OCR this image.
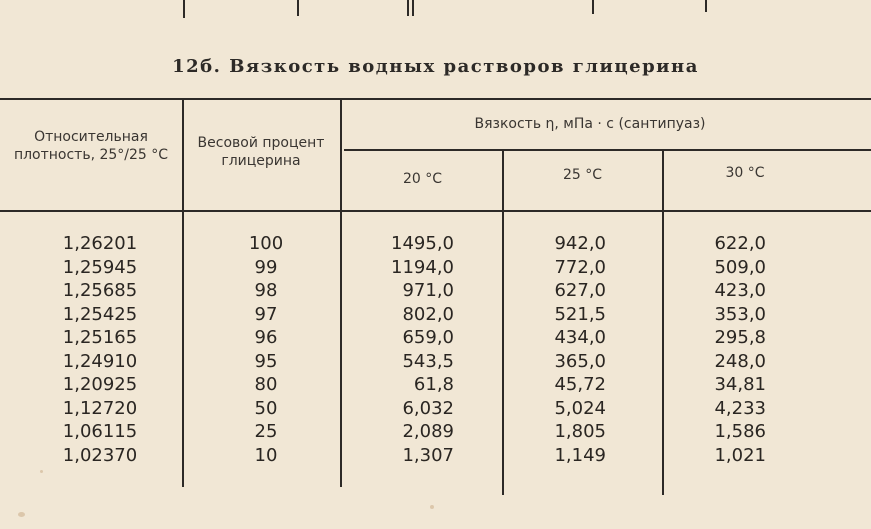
12б. Вязкость водных растворов глицерина
Относительная плотность, 25°/25 °С
Весовой процент глицерина
Вязкость η, мПа · с (сантипуаз)
20 °С	25 °С	30 °С
1,26201	100	1495,0	942,0	622,0
1,25945	99	1194,0	772,0	509,0
1,25685	98	971,0	627,0	423,0
1,25425	97	802,0	521,5	353,0
1,25165	96	659,0	434,0	295,8
1,24910	95	543,5	365,0	248,0
1,20925	80	61,8	45,72	34,81
1,12720	50	6,032	5,024	4,233
1,06115	25	2,089	1,805	1,586
1,02370	10	1,307	1,149	1,021
